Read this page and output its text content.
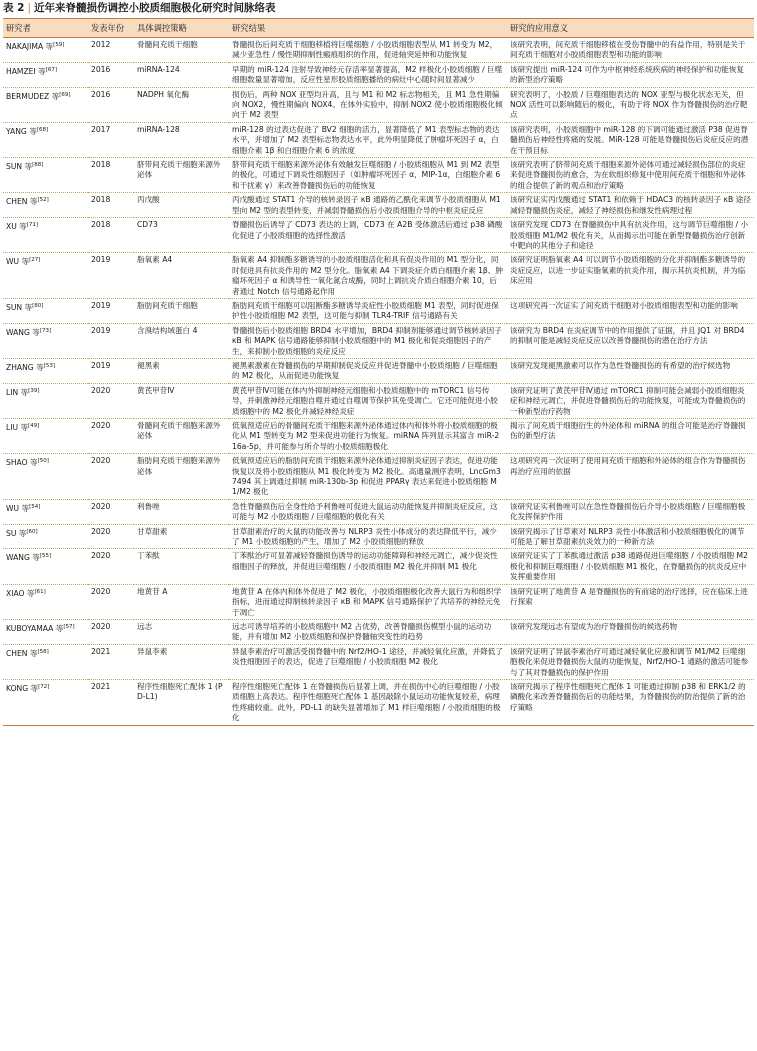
表 2 | 近年来脊髓损伤调控小胶质细胞极化研究时间脉络表
研究者	发表年份	具体调控策略	研究结果	研究的应用意义
NAKAJIMA 等[59]	2012	骨髓间充质干细胞	脊髓损伤后间充质干细胞移植将巨噬细胞 / 小胶质细胞表型从 M1 转变为 M2，减少亚急性 / 慢性期抑制性瘢痕组织的作用，促进轴突延伸和功能恢复	该研究表明，间充质干细胞移植在受伤脊髓中的有益作用，特别是关于间充质干细胞对小胶质细胞表型和功能的影响
HAMZEI 等[67]	2016	miRNA-124	早期的 miR-124 注射导致神经元存活率显著提高，M2 样极化小胶质细胞 / 巨噬细胞数量显著增加，反应性星形胶质细胞播给的病灶中心随时间显著减少	该研究提出 miR-124 可作为中枢神经系统疾病的神经保护和功能恢复的新型治疗策略
BERMUDEZ 等[69]	2016	NADPH 氧化酶	损伤后，两种 NOX 亚型均升高，且与 M1 和 M2 标志物相关，且 M1 急性期偏向 NOX2，慢性期偏向 NOX4。在体外实验中，抑制 NOX2 使小胶质细胞极化倾向于 M2 表型	研究表明了，小胶质 / 巨噬细胞表达的 NOX 亚型与极化状态无关，但 NOX 活性可以影响随后的极化，有助于将 NOX 作为脊髓损伤的治疗靶点
YANG 等[68]	2017	miRNA-128	miR-128 的过表达促进了 BV2 细胞的活力，显著降低了 M1 表型标志物的表达水平，并增加了 M2 表型标志物表达水平，此外明显降低了肿瘤坏死因子 α，白细胞介素 1β 和白细胞介素 6 的浓度	该研究表明，小胶质细胞中 miR-128 的下调可能通过激活 P38 促进脊髓损伤后神经性疼痛的发展。MiR-128 可能是脊髓损伤后炎症反应的潜在干预目标
SUN 等[88]	2018	脐带间充质干细胞来源外泌体	脐带间充质干细胞来源外泌体有效触发巨噬细胞 / 小胶质细胞从 M1 到 M2 表型的极化，可通过下调炎性细胞因子（如肿瘤坏死因子 α，MIP-1α，白细胞介素 6 和干扰素 γ）来改善脊髓损伤后的功能恢复	该研究表明了脐带间充质干细胞来源外泌体可通过减轻损伤部位的炎症来促进脊髓损伤的愈合，为在软组织修复中使用间充质干细胞和外泌体的组合提供了新的观点和治疗策略
CHEN 等[52]	2018	丙戊酸	丙戊酸通过 STAT1 介导的核转录因子 κB 通路的乙酰化来调节小胶质细胞从 M1 型向 M2 型的表型转变，并减弱脊髓损伤后小胶质细胞介导的中枢炎症反应	该研究证实丙戊酸通过 STAT1 和依赖于 HDAC3 的核转录因子 κB 途径减轻脊髓损伤炎症，减轻了神经损伤和继发性病理过程
XU 等[71]	2018	CD73	脊髓损伤后诱导了 CD73 表达的上调，CD73 在 A2B 受体激活后通过 p38 磷酸化促进了小胶质细胞的选择性激活	该研究发现 CD73 在脊髓损伤中具有抗炎作用，这与调节巨噬细胞 / 小胶质细胞 M1/M2 极化有关，从而揭示出可能在新型脊髓损伤治疗创新中靶向的其他分子和途径
WU 等[27]	2019	脂氧素 A4	脂氧素 A4 抑制酯多糖诱导的小胶质细胞活化和具有促炎作用的 M1 型分化，同时促进具有抗炎作用的 M2 型分化。脂氧素 A4 下调炎症介质白细胞介素 1β、肿瘤坏死因子 α 和诱导性一氧化氮合成酶，同时上调抗炎介质白细胞介素 10，后者通过 Notch 信号通路起作用	该研究证明脂氧素 A4 可以调节小胶质细胞的分化并抑制酯多糖诱导的炎症反应，以进一步证实脂氧素的抗炎作用，揭示其抗炎机制，并为临床应用
SUN 等[80]	2019	脂肪间充质干细胞	脂肪间充质干细胞可以阻断酯多糖诱导炎症性小胶质细胞 M1 表型，同时促进保护性小胶质细胞 M2 表型，这可能与抑制 TLR4-TRIF 信号通路有关	这项研究再一次证实了间充质干细胞对小胶质细胞表型和功能的影响
WANG 等[73]	2019	含溴结构域蛋白 4	脊髓损伤后小胶质细胞 BRD4 水平增加，BRD4 抑制剂能够通过调节核转录因子 κB 和 MAPK 信号通路能够抑制小胶质细胞中的 M1 极化和促炎细胞因子的产生，来抑制小胶质细胞的炎症反应	该研究为 BRD4 在炎症调节中的作用提供了证据，并且 JQ1 对 BRD4 的抑制可能是减轻炎症反应以改善脊髓损伤的潜在治疗方法
ZHANG 等[53]	2019	褪黑素	褪黑素激素在脊髓损伤的早期抑制促炎反应并促进脊髓中小胶质细胞 / 巨噬细胞的 M2 极化，从而促进功能恢复	该研究发现褪黑激素可以作为急性脊髓损伤的有希望的治疗候选物
LIN 等[39]	2020	黄芪甲苷Ⅳ	黄芪甲苷Ⅳ可能在体内外抑制神经元细胞和小胶质细胞中的 mTORC1 信号传导，并刺激神经元细胞自噬并通过自噬调节保护其免受凋亡。它还可能促进小胶质细胞中的 M2 极化并减轻神经炎症	该研究证明了黄芪甲苷Ⅳ通过 mTORC1 抑制可能会减弱小胶质细胞炎症和神经元凋亡，并促进脊髓损伤后的功能恢复，可能成为脊髓损伤的一种新型治疗药物
LIU 等[49]	2020	骨髓间充质干细胞来源外泌体	低氧预适应后的骨髓间充质干细胞来源外泌体通过体内和体外将小胶质细胞的极化从 M1 型转变为 M2 型来促进功能行为恢复。miRNA 阵列显示其富含 miR-216a-5p，并可能参与所介导的小胶质细胞极化	揭示了间充质干细胞衍生的外泌体和 miRNA 的组合可能是治疗脊髓损伤的新型疗法
SHAO 等[50]	2020	脂肪间充质干细胞来源外泌体	低氧预适应后的脂肪间充质干细胞来源外泌体通过抑制炎症因子表达，促进功能恢复以及将小胶质细胞从 M1 极化转变为 M2 极化。高通量测序表明，LncGm37494 其上调通过抑制 miR-130b-3p 和促进 PPARγ 表达来促进小胶质细胞 M1/M2 极化	这项研究再一次证明了使用间充质干细胞和外泌体的组合作为脊髓损伤再治疗应用的依据
WU 等[54]	2020	利鲁唑	急性脊髓损伤后全身性给予利鲁唑可促进大鼠运动功能恢复并抑制炎症反应，这可能与 M2 小胶质细胞 / 巨噬细胞的极化有关	该研究证实利鲁唑可以在急性脊髓损伤后介导小胶质细胞 / 巨噬细胞极化发挥保护作用
SU 等[60]	2020	甘草甜素	甘草甜素治疗的大鼠的功能改善与 NLRP3 炎性小体成分的表达降低平行，减少了 M1 小胶质细胞的产生，增加了 M2 小胶质细胞的释放	该研究揭示了甘草素对 NLRP3 炎性小体激活和小胶质细胞极化的调节可能是了解甘草甜素抗炎效力的一种新方法
WANG 等[55]	2020	丁苯酞	丁苯酞治疗可显著减轻脊髓损伤诱导的运动功能障碍和神经元凋亡，减少促炎性细胞因子的释放，并促进巨噬细胞 / 小胶质细胞 M2 极化并抑制 M1 极化	该研究证实了丁苯酞通过激活 p38 通路促进巨噬细胞 / 小胶质细胞 M2 极化和抑制巨噬细胞 / 小胶质细胞 M1 极化，在脊髓损伤的抗炎反应中发挥重要作用
XIAO 等[61]	2020	地黄苷 A	地黄苷 A 在体内和体外促进了 M2 极化，小胶质细胞极化改善大鼠行为和组织学指标，进而通过抑制核转录因子 κB 和 MAPK 信号通路保护了共培养的神经元免于凋亡	该研究证明了地黄苷 A 是脊髓损伤的有前途的治疗选择，应在临床上进行探索
KUBOYAMAA 等[57]	2020	远志	远志可诱导培养的小胶质细胞中 M2 占优势，改善脊髓损伤模型小鼠的运动功能，并有增加 M2 小胶质细胞和保护脊髓轴突变性的趋势	该研究发现远志有望成为治疗脊髓损伤的候选药物
CHEN 等[58]	2021	异鼠李素	异鼠李素治疗可激活受损脊髓中的 Nrf2/HO-1 途径，并减轻氧化应激，并降低了炎性细胞因子的表达，促进了巨噬细胞 / 小胶质细胞 M2 极化	该研究证明了异鼠李素治疗可通过减轻氧化应激和调节 M1/M2 巨噬细胞极化来促进脊髓损伤大鼠的功能恢复，Nrf2/HO-1 通路的激活可能参与了其对脊髓损伤的保护作用
KONG 等[72]	2021	程序性细胞死亡配体 1 (PD-L1)	程序性细胞死亡配体 1 在脊髓损伤后显著上调，并在损伤中心的巨噬细胞 / 小胶质细胞上高表达。程序性细胞死亡配体 1 基因敲除小鼠运动功能恢复较差，病理性疼痛较重。此外，PD-L1 的缺失显著增加了 M1 样巨噬细胞 / 小胶质细胞的极化	该研究揭示了程序性细胞死亡配体 1 可能通过抑制 p38 和 ERK1/2 的磷酸化来改善脊髓损伤后的功能结果，为脊髓损伤的防治提供了新的治疗策略
